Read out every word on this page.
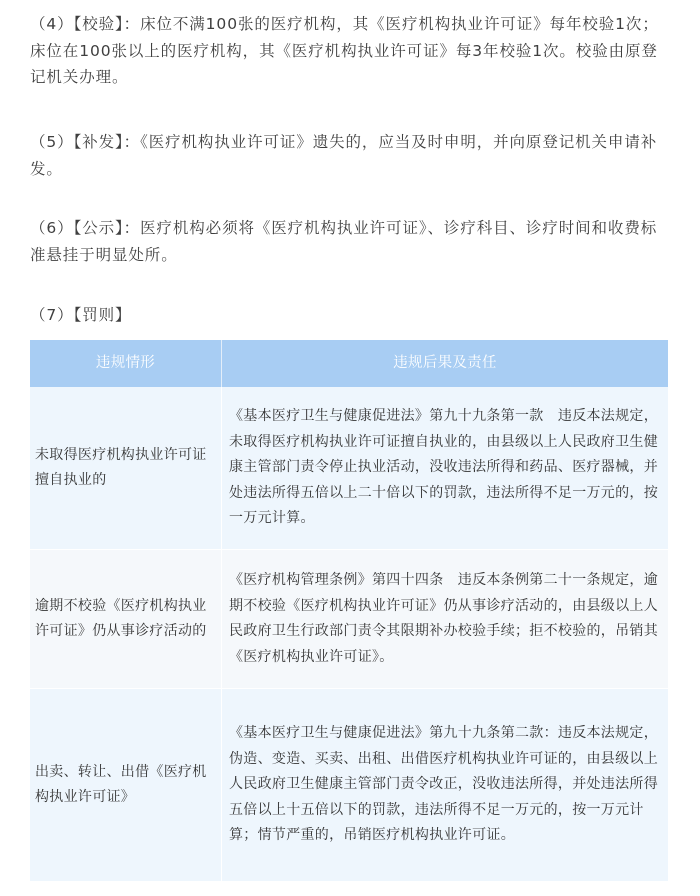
（4）【校验】：床位不满100张的医疗机构，其《医疗机构执业许可证》每年校验1次；床位在100张以上的医疗机构，其《医疗机构执业许可证》每3年校验1次。校验由原登记机关办理。

（5）【补发】：《医疗机构执业许可证》遗失的，应当及时申明，并向原登记机关申请补发。

（6）【公示】：医疗机构必须将《医疗机构执业许可证》、诊疗科目、诊疗时间和收费标准悬挂于明显处所。

（7）【罚则】

违规情形	违规后果及责任
未取得医疗机构执业许可证擅自执业的	《基本医疗卫生与健康促进法》第九十九条第一款　违反本法规定，未取得医疗机构执业许可证擅自执业的，由县级以上人民政府卫生健康主管部门责令停止执业活动，没收违法所得和药品、医疗器械，并处违法所得五倍以上二十倍以下的罚款，违法所得不足一万元的，按一万元计算。
逾期不校验《医疗机构执业许可证》仍从事诊疗活动的	《医疗机构管理条例》第四十四条　违反本条例第二十一条规定，逾期不校验《医疗机构执业许可证》仍从事诊疗活动的，由县级以上人民政府卫生行政部门责令其限期补办校验手续；拒不校验的，吊销其《医疗机构执业许可证》。
出卖、转让、出借《医疗机构执业许可证》	《基本医疗卫生与健康促进法》第九十九条第二款：违反本法规定，伪造、变造、买卖、出租、出借医疗机构执业许可证的，由县级以上人民政府卫生健康主管部门责令改正，没收违法所得，并处违法所得五倍以上十五倍以下的罚款，违法所得不足一万元的，按一万元计算；情节严重的，吊销医疗机构执业许可证。
